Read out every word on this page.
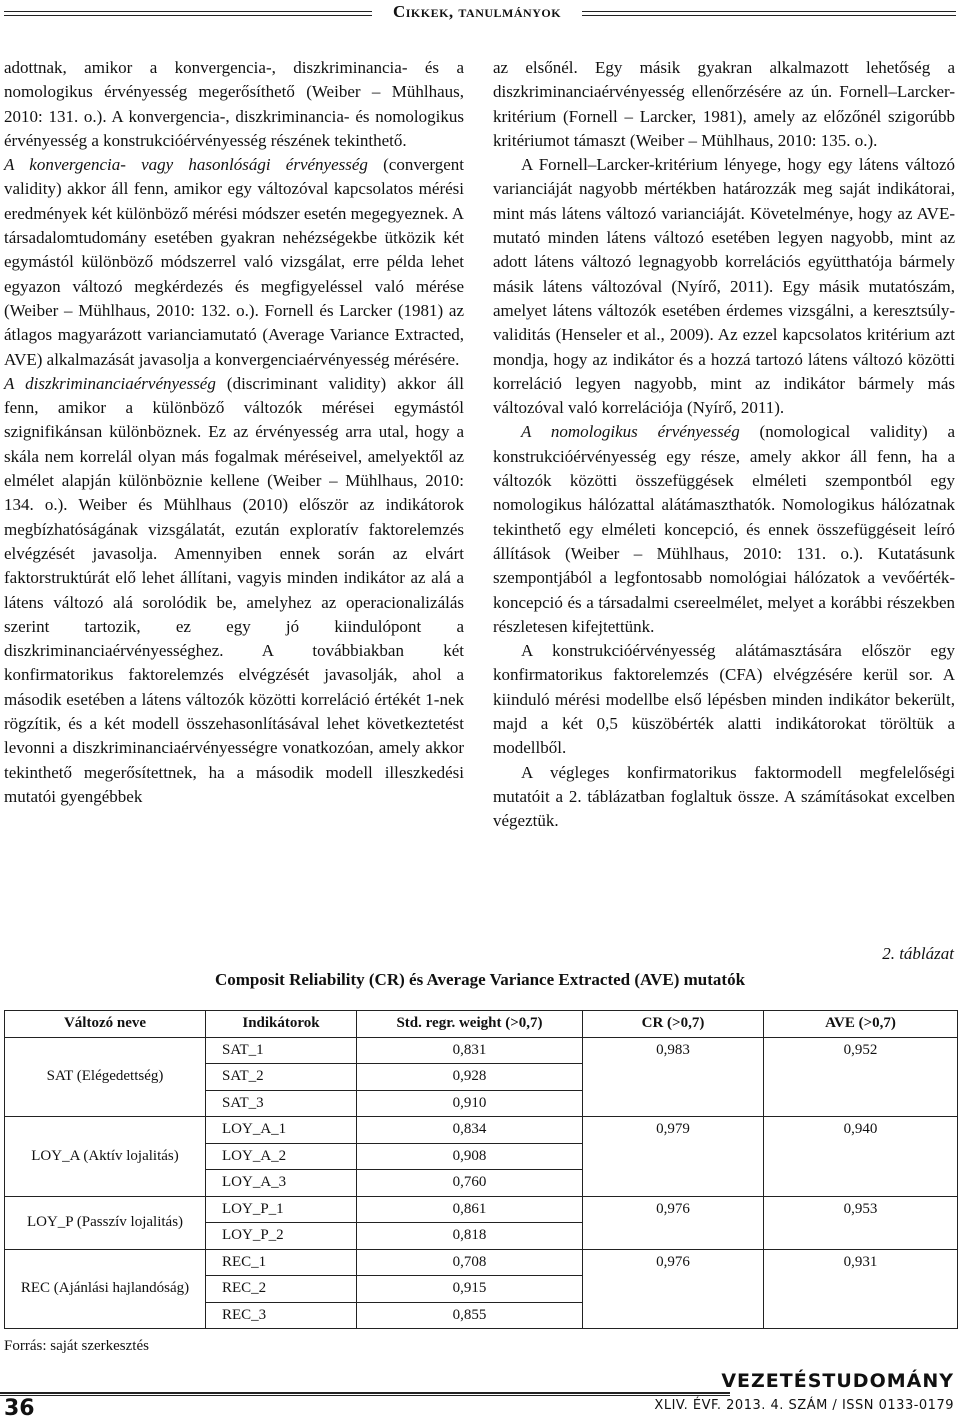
Cikkek, tanulmányok

adottnak, amikor a konvergencia-, diszkriminancia- és a nomologikus érvényesség megerősíthető (Weiber – Mühlhaus, 2010: 131. o.). A konvergencia-, diszkriminancia- és nomologikus érvényesség a konstrukcióérvényesség részének tekinthető.

A konvergencia- vagy hasonlósági érvényesség (convergent validity) akkor áll fenn, amikor egy változóval kapcsolatos mérési eredmények két különböző mérési módszer esetén megegyeznek. A társadalomtudomány esetében gyakran nehézségekbe ütközik két egymástól különböző módszerrel való vizsgálat, erre példa lehet egyazon változó megkérdezés és megfigyeléssel való mérése (Weiber – Mühlhaus, 2010: 132. o.). Fornell és Larcker (1981) az átlagos magyarázott varianciamutató (Average Variance Extracted, AVE) alkalmazását javasolja a konvergenciaérvényesség mérésére.

A diszkriminanciaérvényesség (discriminant validity) akkor áll fenn, amikor a különböző változók mérései egymástól szignifikánsan különböznek. Ez az érvényesség arra utal, hogy a skála nem korrelál olyan más fogalmak méréseivel, amelyektől az elmélet alapján különböznie kellene (Weiber – Mühlhaus, 2010: 134. o.). Weiber és Mühlhaus (2010) először az indikátorok megbízhatóságának vizsgálatát, ezután exploratív faktorelemzés elvégzését javasolja. Amennyiben ennek során az elvárt faktorstruktúrát elő lehet állítani, vagyis minden indikátor az alá a látens változó alá sorolódik be, amelyhez az operacionalizálás szerint tartozik, ez egy jó kiindulópont a diszkriminanciaérvényességhez. A továbbiakban két konfirmatorikus faktorelemzés elvégzését javasolják, ahol a második esetében a látens változók közötti korreláció értékét 1-nek rögzítik, és a két modell összehasonlításával lehet következtetést levonni a diszkriminanciaérvényességre vonatkozóan, amely akkor tekinthető megerősítettnek, ha a második modell illeszkedési mutatói gyengébbek

az elsőnél. Egy másik gyakran alkalmazott lehetőség a diszkriminanciaérvényesség ellenőrzésére az ún. Fornell–Larcker-kritérium (Fornell – Larcker, 1981), amely az előzőnél szigorúbb kritériumot támaszt (Weiber – Mühlhaus, 2010: 135. o.).

A Fornell–Larcker-kritérium lényege, hogy egy látens változó varianciáját nagyobb mértékben határozzák meg saját indikátorai, mint más látens változó varianciáját. Követelménye, hogy az AVE-mutató minden látens változó esetében legyen nagyobb, mint az adott látens változó legnagyobb korrelációs együtthatója bármely másik látens változóval (Nyírő, 2011). Egy másik mutatószám, amelyet látens változók esetében érdemes vizsgálni, a keresztsúly-validitás (Henseler et al., 2009). Az ezzel kapcsolatos kritérium azt mondja, hogy az indikátor és a hozzá tartozó látens változó közötti korreláció legyen nagyobb, mint az indikátor bármely más változóval való korrelációja (Nyírő, 2011).

A nomologikus érvényesség (nomological validity) a konstrukcióérvényesség egy része, amely akkor áll fenn, ha a változók közötti összefüggések elméleti szempontból egy nomologikus hálózattal alátámaszthatók. Nomologikus hálózatnak tekinthető egy elméleti koncepció, és ennek összefüggéseit leíró állítások (Weiber – Mühlhaus, 2010: 131. o.). Kutatásunk szempontjából a legfontosabb nomológiai hálózatok a vevőérték-koncepció és a társadalmi csereelmélet, melyet a korábbi részekben részletesen kifejtettünk.

A konstrukcióérvényesség alátámasztására először egy konfirmatorikus faktorelemzés (CFA) elvégzésére kerül sor. A kiinduló mérési modellbe első lépésben minden indikátor bekerült, majd a két 0,5 küszöbérték alatti indikátorokat töröltük a modellből.

A végleges konfirmatorikus faktormodell megfelelőségi mutatóit a 2. táblázatban foglaltuk össze. A számításokat excelben végeztük.

2. táblázat
Composit Reliability (CR) és Average Variance Extracted (AVE) mutatók
Változó neve	Indikátorok	Std. regr. weight (>0,7)	CR (>0,7)	AVE (>0,7)
SAT (Elégedettség)	SAT_1	0,831	0,983	0,952
	SAT_2	0,928		
	SAT_3	0,910		
LOY_A (Aktív lojalitás)	LOY_A_1	0,834	0,979	0,940
	LOY_A_2	0,908		
	LOY_A_3	0,760		
LOY_P (Passzív lojalitás)	LOY_P_1	0,861	0,976	0,953
	LOY_P_2	0,818		
REC (Ajánlási hajlandóság)	REC_1	0,708	0,976	0,931
	REC_2	0,915		
	REC_3	0,855		
Forrás: saját szerkesztés
36
VEZETÉSTUDOMÁNY
XLIV. ÉVF. 2013. 4. SZÁM / ISSN 0133-0179
